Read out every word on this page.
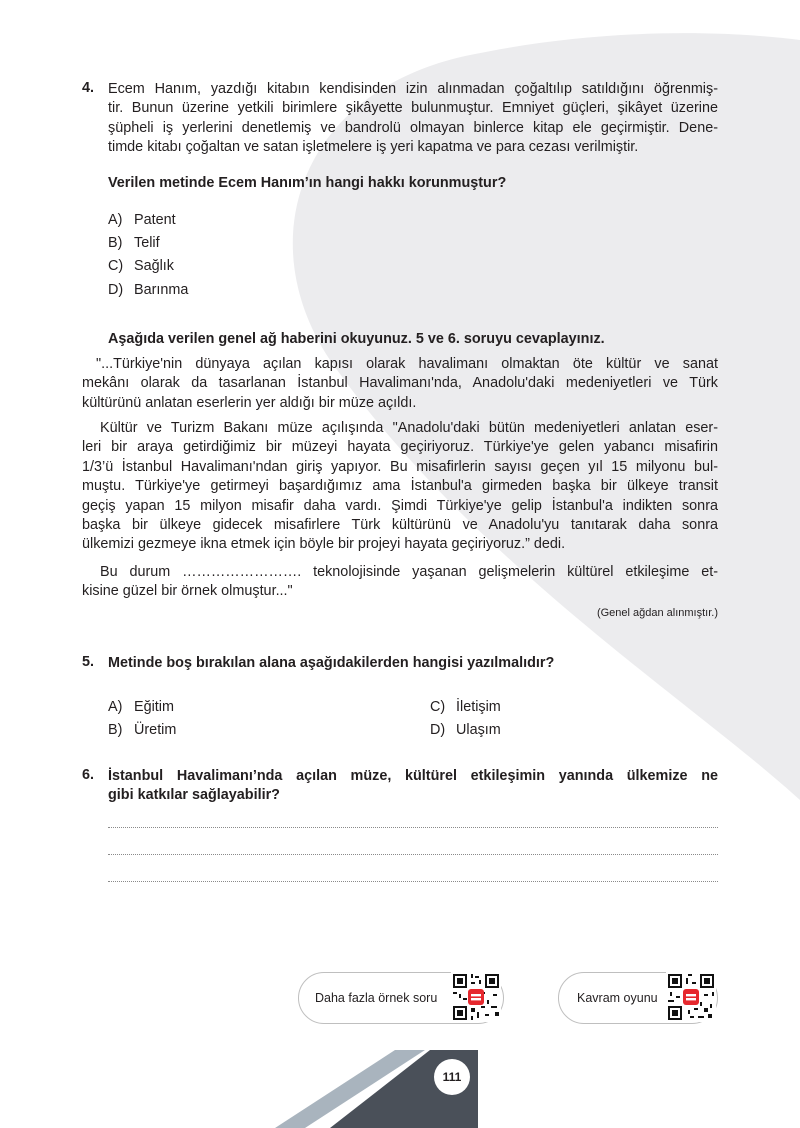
4. Ecem Hanım, yazdığı kitabın kendisinden izin alınmadan çoğaltılıp satıldığını öğrenmiş-
tir. Bunun üzerine yetkili birimlere şikâyette bulunmuştur. Emniyet güçleri, şikâyet üzerine
şüpheli iş yerlerini denetlemiş ve bandrolü olmayan binlerce kitap ele geçirmiştir. Dene-
timde kitabı çoğaltan ve satan işletmelere iş yeri kapatma ve para cezası verilmiştir.
Verilen metinde Ecem Hanım’ın hangi hakkı korunmuştur?
A) Patent
B) Telif
C) Sağlık
D) Barınma
Aşağıda verilen genel ağ haberini okuyunuz. 5 ve 6. soruyu cevaplayınız.
"...Türkiye'nin dünyaya açılan kapısı olarak havalimanı olmaktan öte kültür ve sanat
mekânı olarak da tasarlanan İstanbul Havalimanı'nda, Anadolu'daki medeniyetleri ve Türk
kültürünü anlatan eserlerin yer aldığı bir müze açıldı.
Kültür ve Turizm Bakanı müze açılışında "Anadolu'daki bütün medeniyetleri anlatan eser-
leri bir araya getirdiğimiz bir müzeyi hayata geçiriyoruz. Türkiye'ye gelen yabancı misafirin
1/3’ü İstanbul Havalimanı'ndan giriş yapıyor. Bu misafirlerin sayısı geçen yıl 15 milyonu bul-
muştu. Türkiye'ye getirmeyi başardığımız ama İstanbul'a girmeden başka bir ülkeye transit
geçiş yapan 15 milyon misafir daha vardı. Şimdi Türkiye'ye gelip İstanbul'a indikten sonra
başka bir ülkeye gidecek misafirlere Türk kültürünü ve Anadolu'yu tanıtarak daha sonra
ülkemizi gezmeye ikna etmek için böyle bir projeyi hayata geçiriyoruz.” dedi.
Bu durum ……………………. teknolojisinde yaşanan gelişmelerin kültürel etkileşime et-
kisine güzel bir örnek olmuştur..."
(Genel ağdan alınmıştır.)
5. Metinde boş bırakılan alana aşağıdakilerden hangisi yazılmalıdır?
A) Eğitim
B) Üretim
C) İletişim
D) Ulaşım
6. İstanbul Havalimanı’nda açılan müze, kültürel etkileşimin yanında ülkemize ne
gibi katkılar sağlayabilir?
Daha fazla örnek soru	Kavram oyunu
111
